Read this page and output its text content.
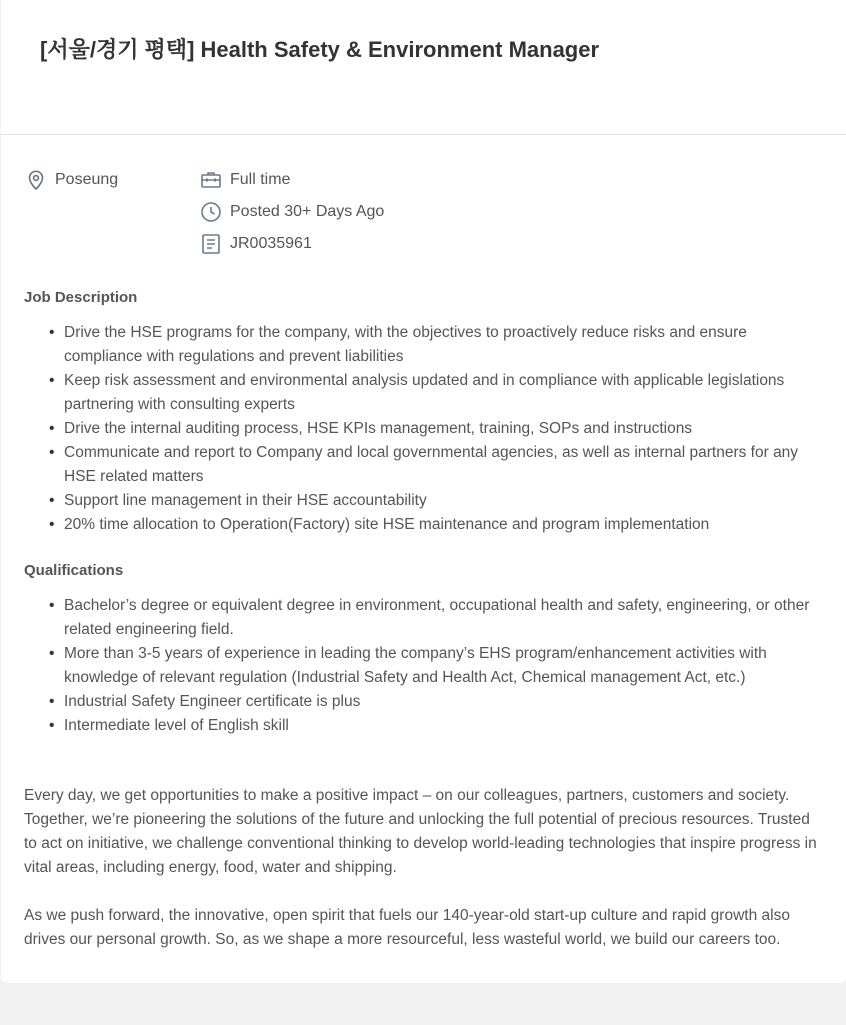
[서울/경기 평택] Health Safety & Environment Manager
Poseung	Full time
Posted 30+ Days Ago
JR0035961
Job Description
• Drive the HSE programs for the company, with the objectives to proactively reduce risks and ensure compliance with regulations and prevent liabilities
• Keep risk assessment and environmental analysis updated and in compliance with applicable legislations partnering with consulting experts
• Drive the internal auditing process, HSE KPIs management, training, SOPs and instructions
• Communicate and report to Company and local governmental agencies, as well as internal partners for any HSE related matters
• Support line management in their HSE accountability
• 20% time allocation to Operation(Factory) site HSE maintenance and program implementation
Qualifications
• Bachelor’s degree or equivalent degree in environment, occupational health and safety, engineering, or other related engineering field.
• More than 3-5 years of experience in leading the company’s EHS program/enhancement activities with knowledge of relevant regulation (Industrial Safety and Health Act, Chemical management Act, etc.)
• Industrial Safety Engineer certificate is plus
• Intermediate level of English skill

Every day, we get opportunities to make a positive impact – on our colleagues, partners, customers and society. Together, we’re pioneering the solutions of the future and unlocking the full potential of precious resources. Trusted to act on initiative, we challenge conventional thinking to develop world-leading technologies that inspire progress in vital areas, including energy, food, water and shipping.

As we push forward, the innovative, open spirit that fuels our 140-year-old start-up culture and rapid growth also drives our personal growth. So, as we shape a more resourceful, less wasteful world, we build our careers too.
